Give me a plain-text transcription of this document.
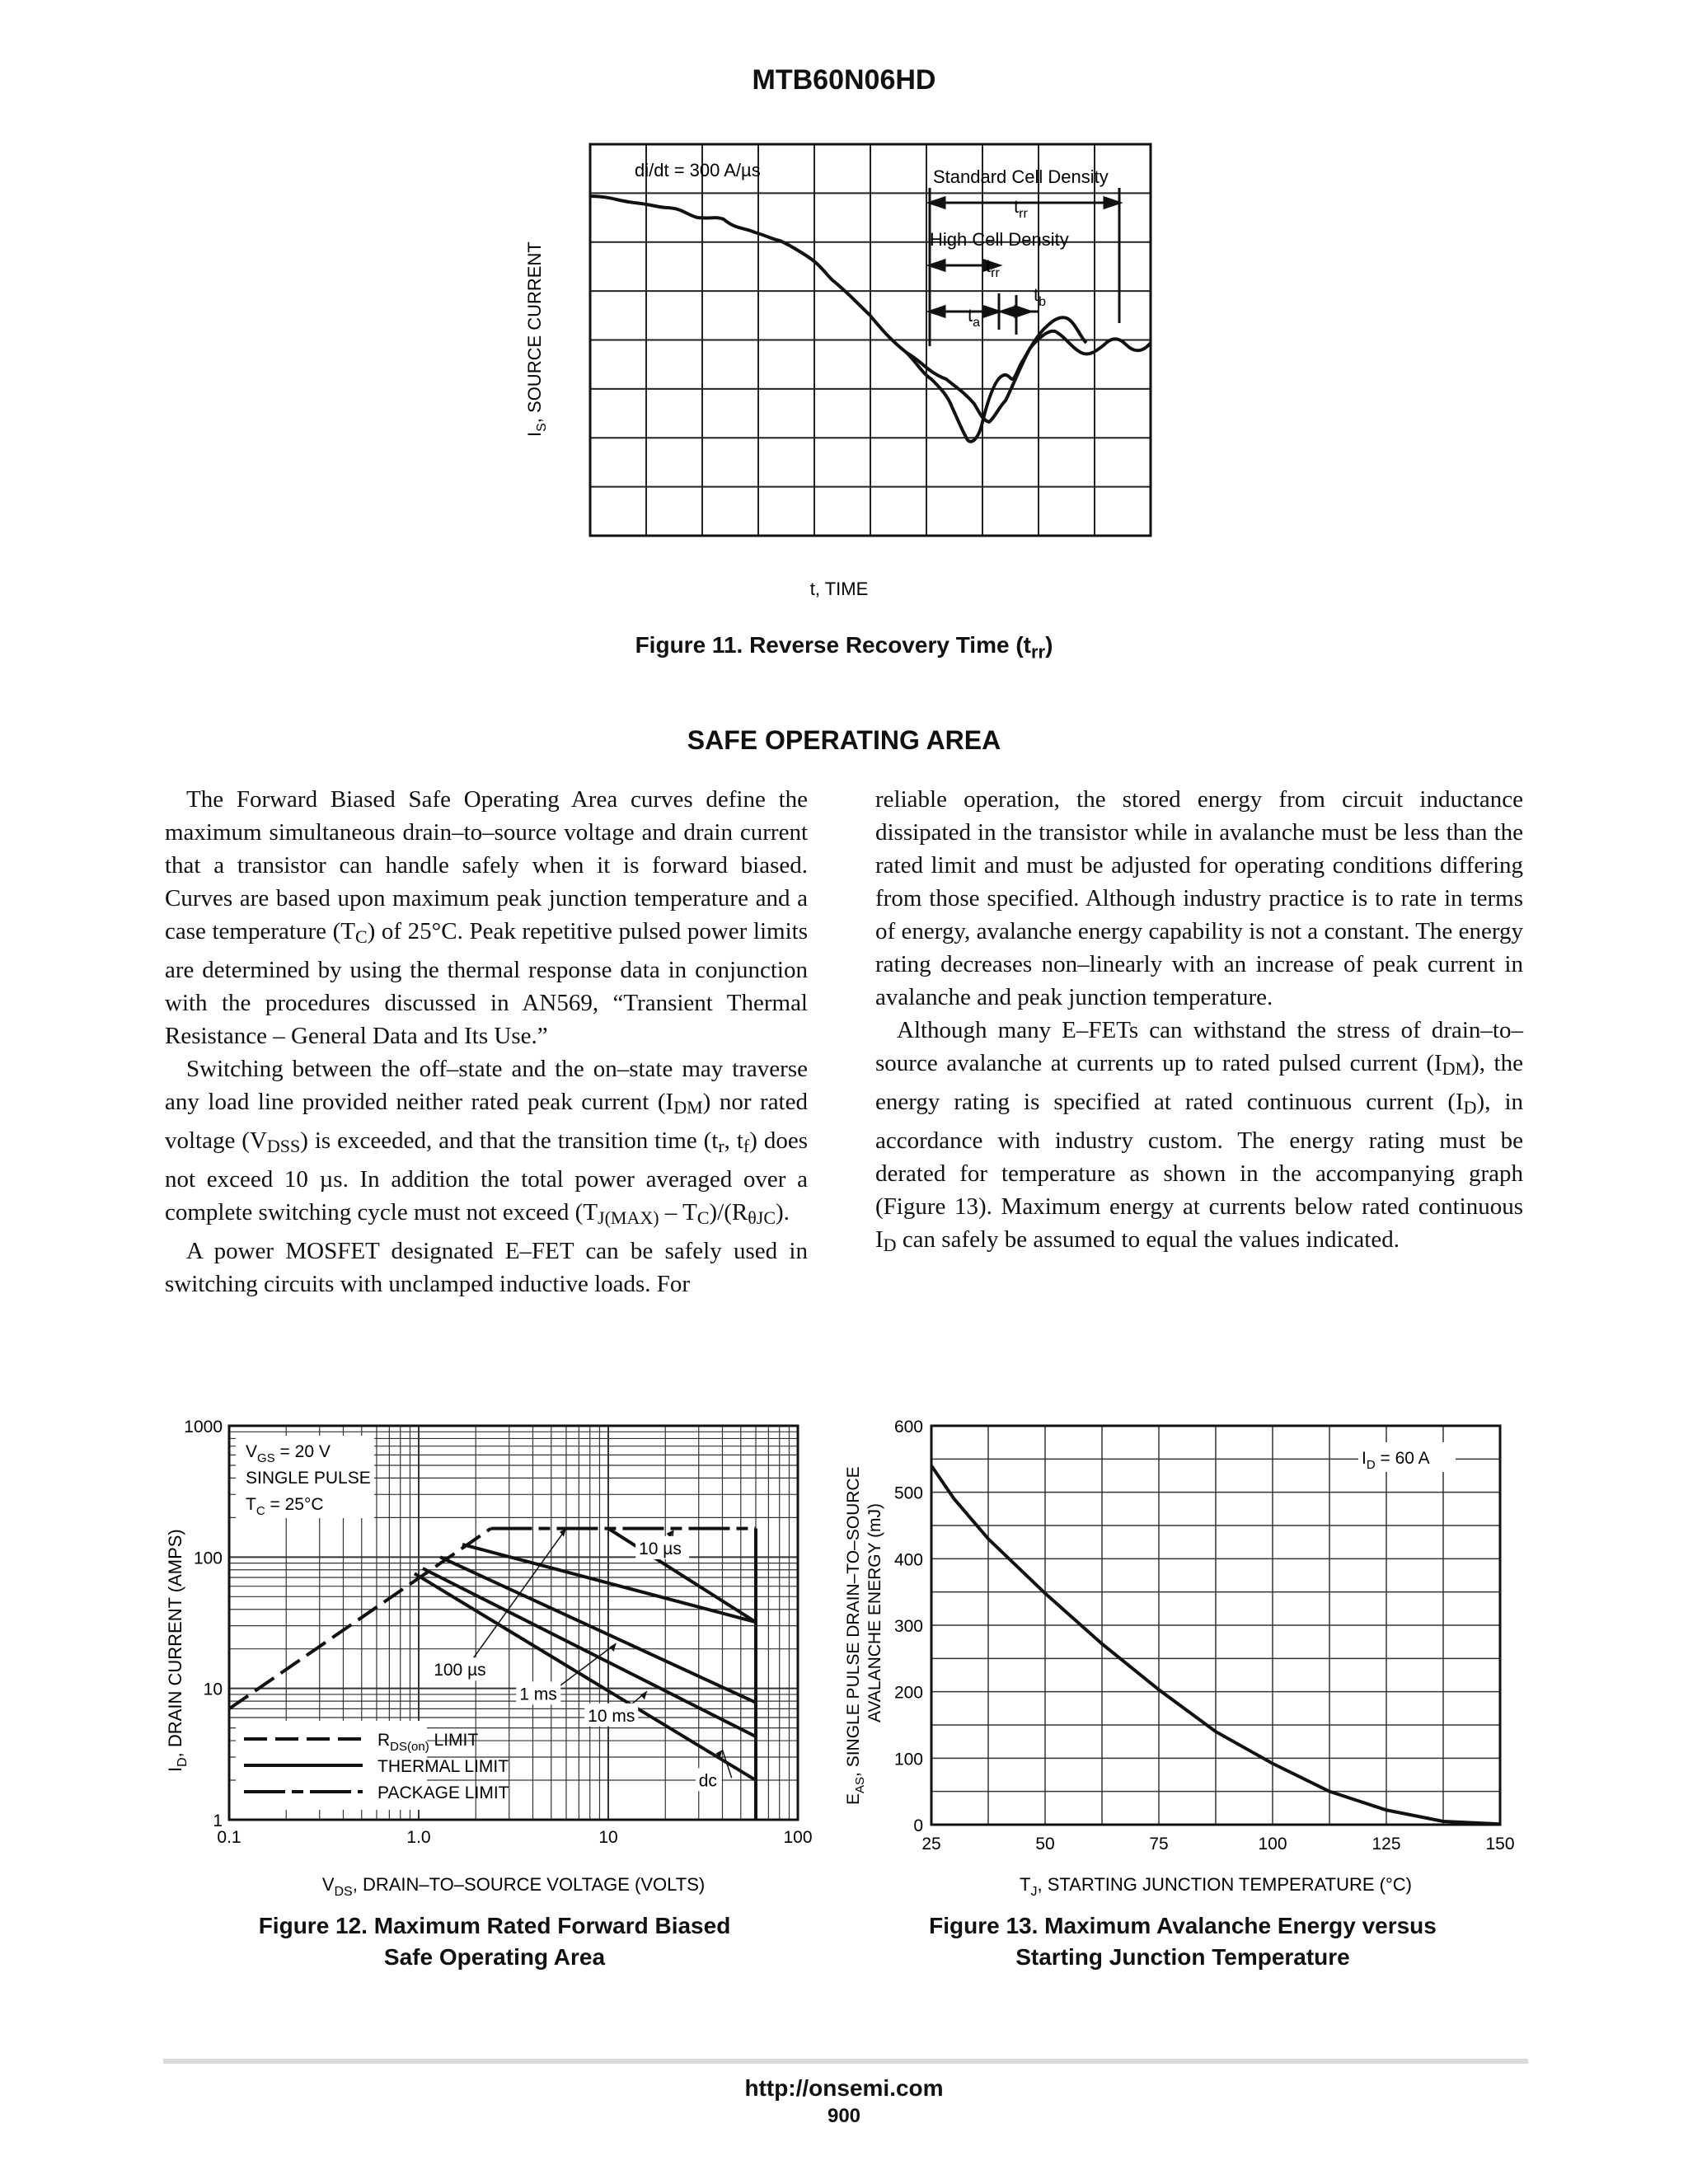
MTB60N06HD
di/dt = 300 A/µs	Standard Cell Density
High Cell Density
$t_{rr}$
$t_{rr}$
$t_a$
$t_b$
$I_S$, SOURCE CURRENT
t, TIME
Figure 11. Reverse Recovery Time $(t_{rr})$
SAFE OPERATING AREA

The Forward Biased Safe Operating Area curves define the maximum simultaneous drain–to–source voltage and drain current that a transistor can handle safely when it is forward biased. Curves are based upon maximum peak junction temperature and a case temperature $(T_C)$ of 25°C. Peak repetitive pulsed power limits are determined by using the thermal response data in conjunction with the procedures discussed in AN569, “Transient Thermal Resistance – General Data and Its Use.”

Switching between the off–state and the on–state may traverse any load line provided neither rated peak current $(I_{DM})$ nor rated voltage $(V_{DSS})$ is exceeded, and that the transition time ($t_r$, $t_f$) does not exceed 10 µs. In addition the total power averaged over a complete switching cycle must not exceed $(T_{J(MAX)} - T_C)/(R_{\theta JC})$.

A power MOSFET designated E–FET can be safely used in switching circuits with unclamped inductive loads. For

reliable operation, the stored energy from circuit inductance dissipated in the transistor while in avalanche must be less than the rated limit and must be adjusted for operating conditions differing from those specified. Although industry practice is to rate in terms of energy, avalanche energy capability is not a constant. The energy rating decreases non–linearly with an increase of peak current in avalanche and peak junction temperature.

Although many E–FETs can withstand the stress of drain–to–source avalanche at currents up to rated pulsed current $(I_{DM})$, the energy rating is specified at rated continuous current $(I_D)$, in accordance with industry custom. The energy rating must be derated for temperature as shown in the accompanying graph (Figure 13). Maximum energy at currents below rated continuous $I_D$ can safely be assumed to equal the values indicated.

0.1	1.0	10	100
1
10
100
1000
$V_{GS} = 20$ V
SINGLE PULSE
$T_C = 25^\circ C$
$R_{DS(on)}$ LIMIT
THERMAL LIMIT
PACKAGE LIMIT
10 µs
100 µs
1 ms
10 ms
dc
$I_D$, DRAIN CURRENT (AMPS)
$V_{DS}$, DRAIN–TO–SOURCE VOLTAGE (VOLTS)
Figure 12. Maximum Rated Forward Biased
Safe Operating Area
25	50	75	100	125	150
0
100
200
300
400
500
600
$I_D = 60$ A
$E_{AS}$, SINGLE PULSE DRAIN–TO–SOURCE AVALANCHE ENERGY (mJ)
$T_J$, STARTING JUNCTION TEMPERATURE (°C)
Figure 13. Maximum Avalanche Energy versus
Starting Junction Temperature
http://onsemi.com
900
